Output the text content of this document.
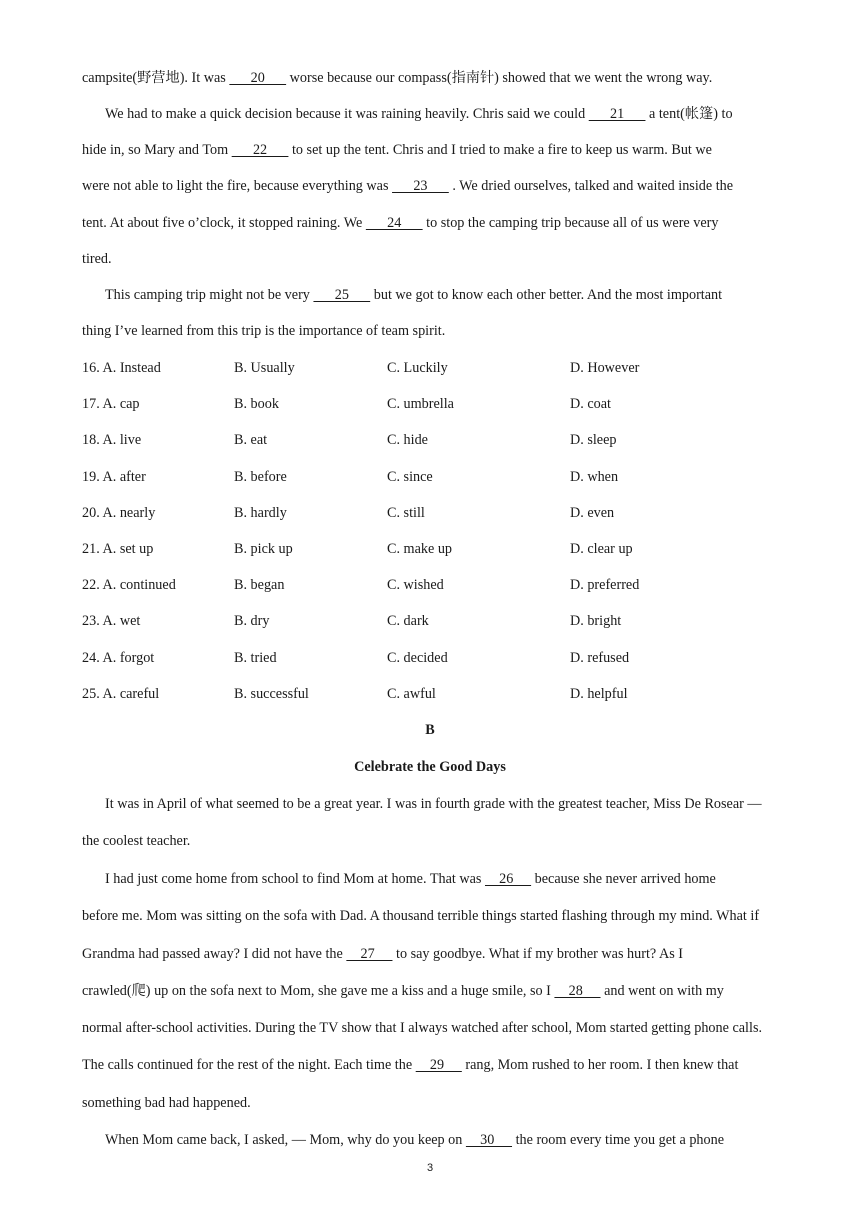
campsite(野营地). It was       20       worse because our compass(指南针) showed that we went the wrong way.
We had to make a quick decision because it was raining heavily. Chris said we could       21       a tent(帐篷) to
hide in, so Mary and Tom       22       to set up the tent. Chris and I tried to make a fire to keep us warm. But we
were not able to light the fire, because everything was       23       . We dried ourselves, talked and waited inside the
tent. At about five o’clock, it stopped raining. We       24       to stop the camping trip because all of us were very
tired.
This camping trip might not be very       25       but we got to know each other better. And the most important
thing I’ve learned from this trip is the importance of team spirit.
16. A. Instead	B. Usually	C. Luckily	D. However
17. A. cap	B. book	C. umbrella	D. coat
18. A. live	B. eat	C. hide	D. sleep
19. A. after	B. before	C. since	D. when
20. A. nearly	B. hardly	C. still	D. even
21. A. set up	B. pick up	C. make up	D. clear up
22. A. continued	B. began	C. wished	D. preferred
23. A. wet	B. dry	C. dark	D. bright
24. A. forgot	B. tried	C. decided	D. refused
25. A. careful	B. successful	C. awful	D. helpful
B
Celebrate the Good Days
It was in April of what seemed to be a great year. I was in fourth grade with the greatest teacher, Miss De Rosear —
the coolest teacher.
I had just come home from school to find Mom at home. That was     26      because she never arrived home
before me. Mom was sitting on the sofa with Dad. A thousand terrible things started flashing through my mind. What if
Grandma had passed away? I did not have the     27      to say goodbye. What if my brother was hurt? As I
crawled(爬) up on the sofa next to Mom, she gave me a kiss and a huge smile, so I     28      and went on with my
normal after-school activities. During the TV show that I always watched after school, Mom started getting phone calls.
The calls continued for the rest of the night. Each time the     29      rang, Mom rushed to her room. I then knew that
something bad had happened.
When Mom came back, I asked, ― Mom, why do you keep on     30      the room every time you get a phone
3
